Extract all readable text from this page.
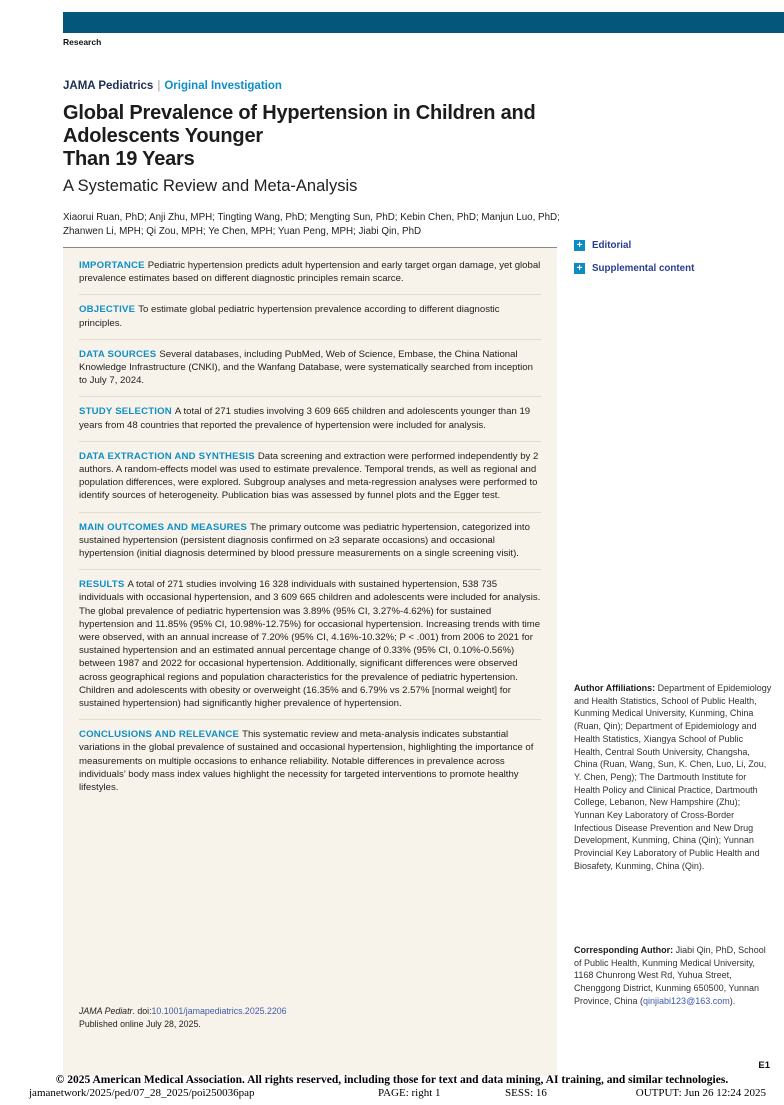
Research
JAMA Pediatrics | Original Investigation
Global Prevalence of Hypertension in Children and Adolescents Younger
Than 19 Years
A Systematic Review and Meta-Analysis
Xiaorui Ruan, PhD; Anji Zhu, MPH; Tingting Wang, PhD; Mengting Sun, PhD; Kebin Chen, PhD; Manjun Luo, PhD;
Zhanwen Li, MPH; Qi Zou, MPH; Ye Chen, MPH; Yuan Peng, MPH; Jiabi Qin, PhD
IMPORTANCE Pediatric hypertension predicts adult hypertension and early target organ damage, yet global prevalence estimates based on different diagnostic principles remain scarce.
OBJECTIVE To estimate global pediatric hypertension prevalence according to different diagnostic principles.
DATA SOURCES Several databases, including PubMed, Web of Science, Embase, the China National Knowledge Infrastructure (CNKI), and the Wanfang Database, were systematically searched from inception to July 7, 2024.
STUDY SELECTION A total of 271 studies involving 3 609 665 children and adolescents younger than 19 years from 48 countries that reported the prevalence of hypertension were included for analysis.
DATA EXTRACTION AND SYNTHESIS Data screening and extraction were performed independently by 2 authors. A random-effects model was used to estimate prevalence. Temporal trends, as well as regional and population differences, were explored. Subgroup analyses and meta-regression analyses were performed to identify sources of heterogeneity. Publication bias was assessed by funnel plots and the Egger test.
MAIN OUTCOMES AND MEASURES The primary outcome was pediatric hypertension, categorized into sustained hypertension (persistent diagnosis confirmed on ≥3 separate occasions) and occasional hypertension (initial diagnosis determined by blood pressure measurements on a single screening visit).
RESULTS A total of 271 studies involving 16 328 individuals with sustained hypertension, 538 735 individuals with occasional hypertension, and 3 609 665 children and adolescents were included for analysis. The global prevalence of pediatric hypertension was 3.89% (95% CI, 3.27%-4.62%) for sustained hypertension and 11.85% (95% CI, 10.98%-12.75%) for occasional hypertension. Increasing trends with time were observed, with an annual increase of 7.20% (95% CI, 4.16%-10.32%; P < .001) from 2006 to 2021 for sustained hypertension and an estimated annual percentage change of 0.33% (95% CI, 0.10%-0.56%) between 1987 and 2022 for occasional hypertension. Additionally, significant differences were observed across geographical regions and population characteristics for the prevalence of pediatric hypertension. Children and adolescents with obesity or overweight (16.35% and 6.79% vs 2.57% [normal weight] for sustained hypertension) had significantly higher prevalence of hypertension.
CONCLUSIONS AND RELEVANCE This systematic review and meta-analysis indicates substantial variations in the global prevalence of sustained and occasional hypertension, highlighting the importance of measurements on multiple occasions to enhance reliability. Notable differences in prevalence across individuals’ body mass index values highlight the necessity for targeted interventions to promote healthy lifestyles.
JAMA Pediatr. doi:10.1001/jamapediatrics.2025.2206
Published online July 28, 2025.
+ Editorial
+ Supplemental content
Author Affiliations: Department of Epidemiology and Health Statistics, School of Public Health, Kunming Medical University, Kunming, China (Ruan, Qin); Department of Epidemiology and Health Statistics, Xiangya School of Public Health, Central South University, Changsha, China (Ruan, Wang, Sun, K. Chen, Luo, Li, Zou, Y. Chen, Peng); The Dartmouth Institute for Health Policy and Clinical Practice, Dartmouth College, Lebanon, New Hampshire (Zhu); Yunnan Key Laboratory of Cross-Border Infectious Disease Prevention and New Drug Development, Kunming, China (Qin); Yunnan Provincial Key Laboratory of Public Health and Biosafety, Kunming, China (Qin).
Corresponding Author: Jiabi Qin, PhD, School of Public Health, Kunming Medical University, 1168 Chunrong West Rd, Yuhua Street, Chenggong District, Kunming 650500, Yunnan Province, China (qinjiabi123@163.com).
E1
© 2025 American Medical Association. All rights reserved, including those for text and data mining, AI training, and similar technologies.
jamanetwork/2025/ped/07_28_2025/poi250036pap	PAGE: right 1	SESS: 16	OUTPUT: Jun 26 12:24 2025
